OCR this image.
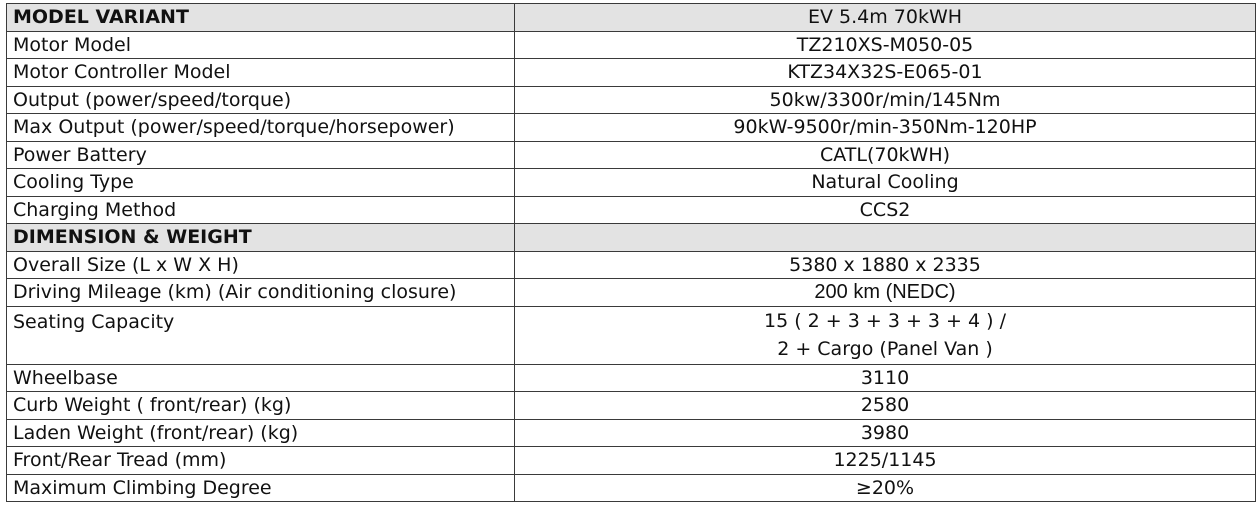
MODEL VARIANT	EV 5.4m 70kWH
Motor Model	TZ210XS-M050-05
Motor Controller Model	KTZ34X32S-E065-01
Output (power/speed/torque)	50kw/3300r/min/145Nm
Max Output (power/speed/torque/horsepower)	90kW-9500r/min-350Nm-120HP
Power Battery	CATL(70kWH)
Cooling Type	Natural Cooling
Charging Method	CCS2
DIMENSION & WEIGHT	
Overall Size (L x W X H)	5380 x 1880 x 2335
Driving Mileage (km) (Air conditioning closure)	200 km (NEDC)
Seating Capacity	15 ( 2 + 3 + 3 + 3 + 4 ) /
2 + Cargo (Panel Van )

Wheelbase	3110
Curb Weight ( front/rear) (kg)	2580
Laden Weight (front/rear) (kg)	3980
Front/Rear Tread (mm)	1225/1145
Maximum Climbing Degree	≥20%
